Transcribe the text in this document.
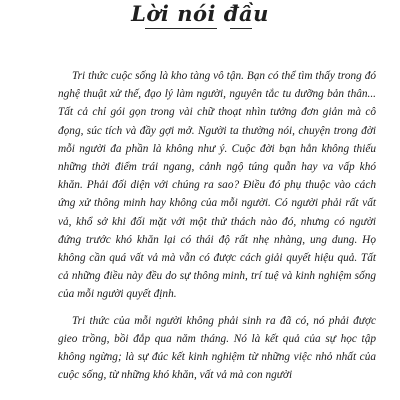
Lời nói đầu

Tri thức cuộc sống là kho tàng vô tận. Bạn có thể tìm thấy trong đó nghệ thuật xử thế, đạo lý làm người, nguyên tắc tu dưỡng bản thân... Tất cả chỉ gói gọn trong vài chữ thoạt nhìn tưởng đơn giản mà cô đọng, súc tích và đầy gợi mở. Người ta thường nói, chuyện trong đời mỗi người đa phần là không như ý. Cuộc đời bạn hẳn không thiếu những thời điểm trái ngang, cảnh ngộ túng quẫn hay va vấp khó khăn. Phải đối diện với chúng ra sao? Điều đó phụ thuộc vào cách ứng xử thông minh hay không của mỗi người. Có người phải rất vất vả, khổ sở khi đối mặt với một thử thách nào đó, nhưng có người đứng trước khó khăn lại có thái độ rất nhẹ nhàng, ung dung. Họ không cần quá vất vả mà vẫn có được cách giải quyết hiệu quả. Tất cả những điều này đều do sự thông minh, trí tuệ và kinh nghiệm sống của mỗi người quyết định.

Tri thức của mỗi người không phải sinh ra đã có, nó phải được gieo trồng, bồi đắp qua năm tháng. Nó là kết quả của sự học tập không ngừng; là sự đúc kết kinh nghiệm từ những việc nhỏ nhất của cuộc sống, từ những khó khăn, vất vả mà con người
